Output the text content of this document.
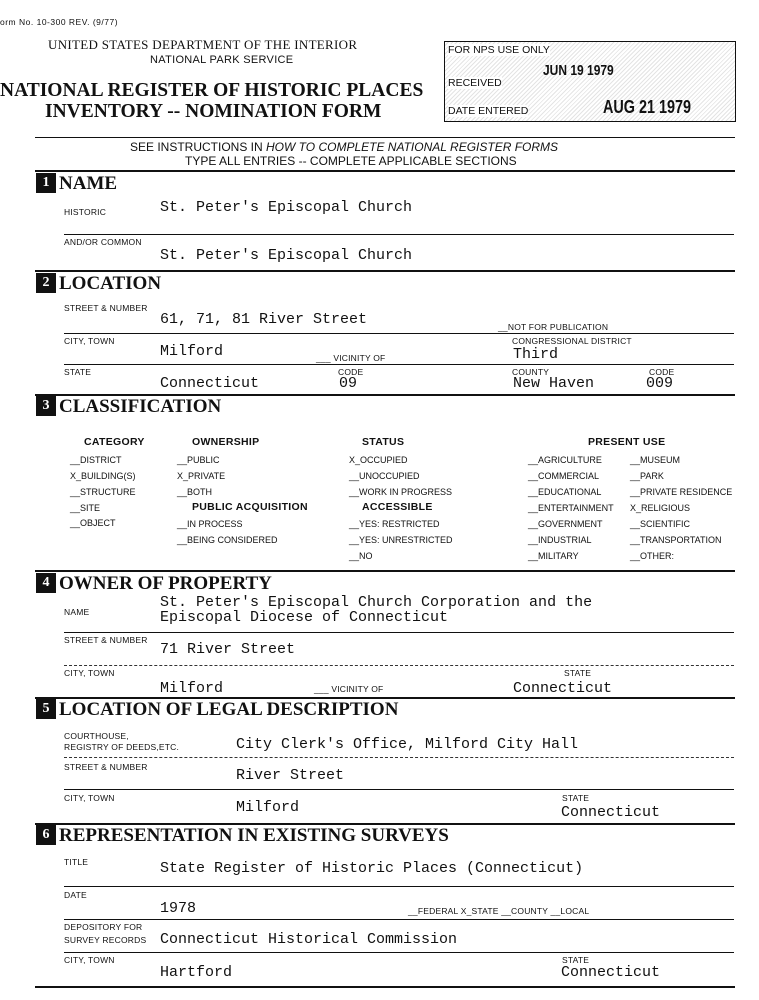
orm No. 10-300 REV. (9/77)
UNITED STATES DEPARTMENT OF THE INTERIOR
NATIONAL PARK SERVICE
NATIONAL REGISTER OF HISTORIC PLACES
INVENTORY -- NOMINATION FORM
FOR NPS USE ONLY
RECEIVED
JUN 19 1979
DATE ENTERED	AUG 21 1979
SEE INSTRUCTIONS IN HOW TO COMPLETE NATIONAL REGISTER FORMS
TYPE ALL ENTRIES -- COMPLETE APPLICABLE SECTIONS
1 NAME
HISTORIC	St. Peter's Episcopal Church
AND/OR COMMON
St. Peter's Episcopal Church
2 LOCATION
STREET & NUMBER
61, 71, 81 River Street	__NOT FOR PUBLICATION
CITY, TOWN	CONGRESSIONAL DISTRICT
Milford	___ VICINITY OF	Third
STATE	CODE	COUNTY	CODE
Connecticut	09	New Haven	009
3 CLASSIFICATION
CATEGORY
__DISTRICT
X_BUILDING(S)
__STRUCTURE
__SITE
__OBJECT
OWNERSHIP
__PUBLIC
X_PRIVATE
__BOTH
PUBLIC ACQUISITION
__IN PROCESS
__BEING CONSIDERED
STATUS
X_OCCUPIED
__UNOCCUPIED
__WORK IN PROGRESS
ACCESSIBLE
__YES: RESTRICTED
__YES: UNRESTRICTED
__NO
PRESENT USE
__AGRICULTURE
__COMMERCIAL
__EDUCATIONAL
__ENTERTAINMENT
__GOVERNMENT
__INDUSTRIAL
__MILITARY
__MUSEUM
__PARK
__PRIVATE RESIDENCE
X_RELIGIOUS
__SCIENTIFIC
__TRANSPORTATION
__OTHER:
4 OWNER OF PROPERTY
St. Peter's Episcopal Church Corporation and the
NAME	Episcopal Diocese of Connecticut
STREET & NUMBER
71 River Street
CITY, TOWN	STATE
Milford	___ VICINITY OF	Connecticut
5 LOCATION OF LEGAL DESCRIPTION
COURTHOUSE,
REGISTRY OF DEEDS,ETC.	City Clerk's Office, Milford City Hall
STREET & NUMBER	River Street
CITY, TOWN	STATE
Milford	Connecticut
6 REPRESENTATION IN EXISTING SURVEYS
TITLE	State Register of Historic Places (Connecticut)
DATE
1978	__FEDERAL X_STATE __COUNTY __LOCAL
DEPOSITORY FOR
SURVEY RECORDS Connecticut Historical Commission
CITY, TOWN	STATE
Hartford	Connecticut
